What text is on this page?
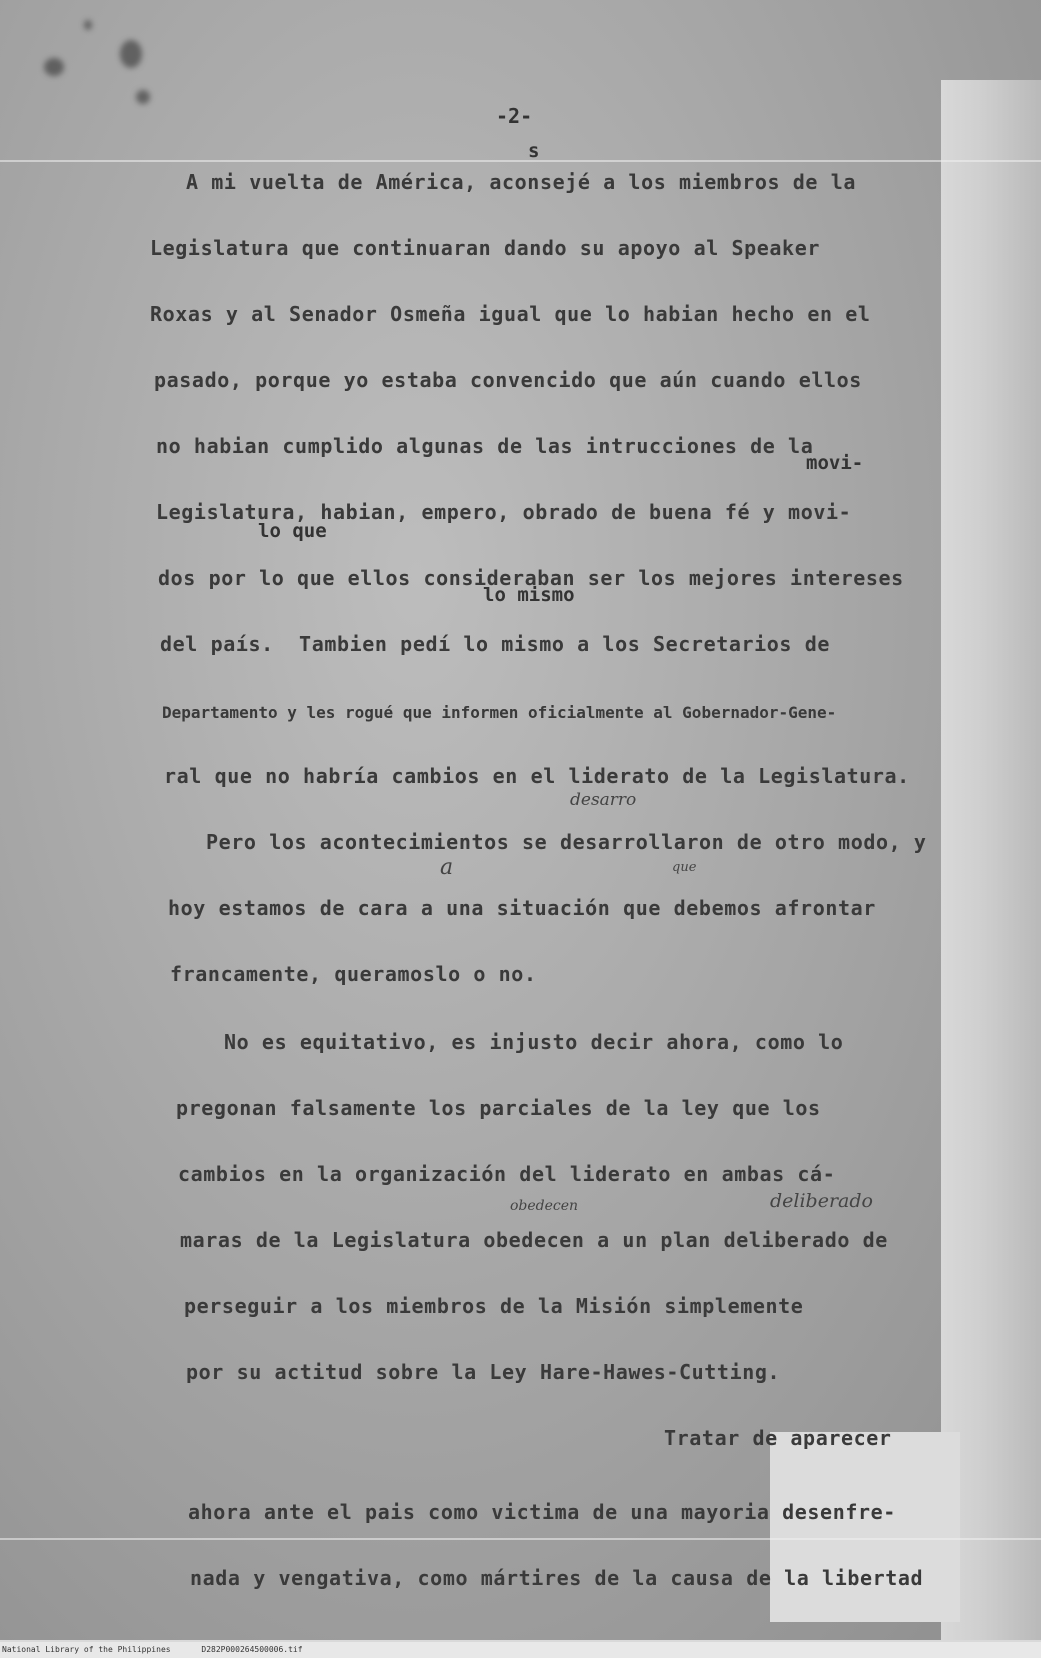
-2-
s
movi-
lo que
lo mismo
desarro
a	que
obedecen	deliberado
A mi vuelta de América, aconsejé a los miembros de la
Legislatura que continuaran dando su apoyo al Speaker
Roxas y al Senador Osmeña igual que lo habian hecho en el
pasado, porque yo estaba convencido que aún cuando ellos
no habian cumplido algunas de las intrucciones de la
Legislatura, habian, empero, obrado de buena fé y movi-
dos por lo que ellos consideraban ser los mejores intereses
del país.  Tambien pedí lo mismo a los Secretarios de
Departamento y les rogué que informen oficialmente al Gobernador-Gene-
ral que no habría cambios en el liderato de la Legislatura.
Pero los acontecimientos se desarrollaron de otro modo, y
hoy estamos de cara a una situación que debemos afrontar
francamente, queramoslo o no.
No es equitativo, es injusto decir ahora, como lo
pregonan falsamente los parciales de la ley que los
cambios en la organización del liderato en ambas cá-
maras de la Legislatura obedecen a un plan deliberado de
perseguir a los miembros de la Misión simplemente
por su actitud sobre la Ley Hare-Hawes-Cutting.
Tratar de aparecer
ahora ante el pais como victima de una mayoria desenfre-
nada y vengativa, como mártires de la causa de la libertad
National Library of the Philippines	D282P000264500006.tif
